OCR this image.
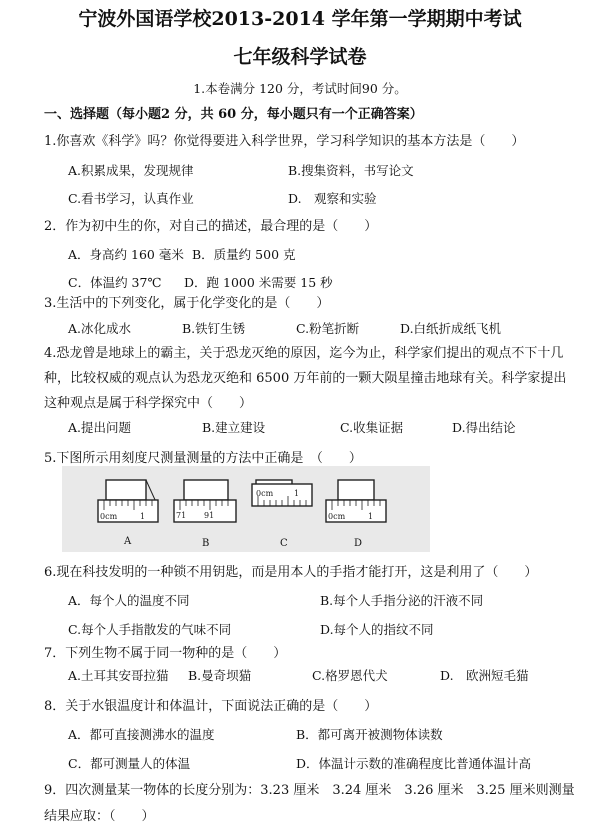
宁波外国语学校2013-2014 学年第一学期期中考试
七年级科学试卷
1.本卷满分 120 分，考试时间90 分。
一、选择题（每小题2 分，共 60 分，每小题只有一个正确答案）
1.你喜欢《科学》吗？你觉得要进入科学世界，学习科学知识的基本方法是（　　）
A.积累成果，发现规律	B.搜集资料，书写论文
C.看书学习，认真作业	D.　观察和实验
2．作为初中生的你，对自己的描述，最合理的是（　　）
A．身高约 160 毫米 B．质量约 500 克
C．体温约 37℃ D．跑 1000 米需要 15 秒
3.生活中的下列变化，属于化学变化的是（　　）
A.冰化成水	B.铁钉生锈	C.粉笔折断	D.白纸折成纸飞机
4.恐龙曾是地球上的霸主，关于恐龙灭绝的原因，迄今为止，科学家们提出的观点不下十几
种，比较权威的观点认为恐龙灭绝和 6500 万年前的一颗大陨星撞击地球有关。科学家提出
这种观点是属于科学探究中（　　）
A.提出问题	B.建立建设	C.收集证据	D.得出结论
5.下图所示用刻度尺测量测量的方法中正确是　（　　）
0cm	1
A
91
71
B
0cm	1
C
0cm	1
D
6.现在科技发明的一种锁不用钥匙，而是用本人的手指才能打开，这是利用了（　　）
A．每个人的温度不同	B.每个人手指分泌的汗液不同
C.每个人手指散发的气味不同	D.每个人的指纹不同
7．下列生物不属于同一物种的是（　　）
A.土耳其安哥拉猫 B.曼奇坝猫	C.格罗恩代犬	D.　欧洲短毛猫
8．关于水银温度计和体温计，下面说法正确的是（　　）
A．都可直接测沸水的温度	B．都可离开被测物体读数
C．都可测量人的体温	D．体温计示数的准确程度比普通体温计高
9．四次测量某一物体的长度分别为：3.23 厘米　3.24 厘米　3.26 厘米　3.25 厘米则测量
结果应取：（　　）
